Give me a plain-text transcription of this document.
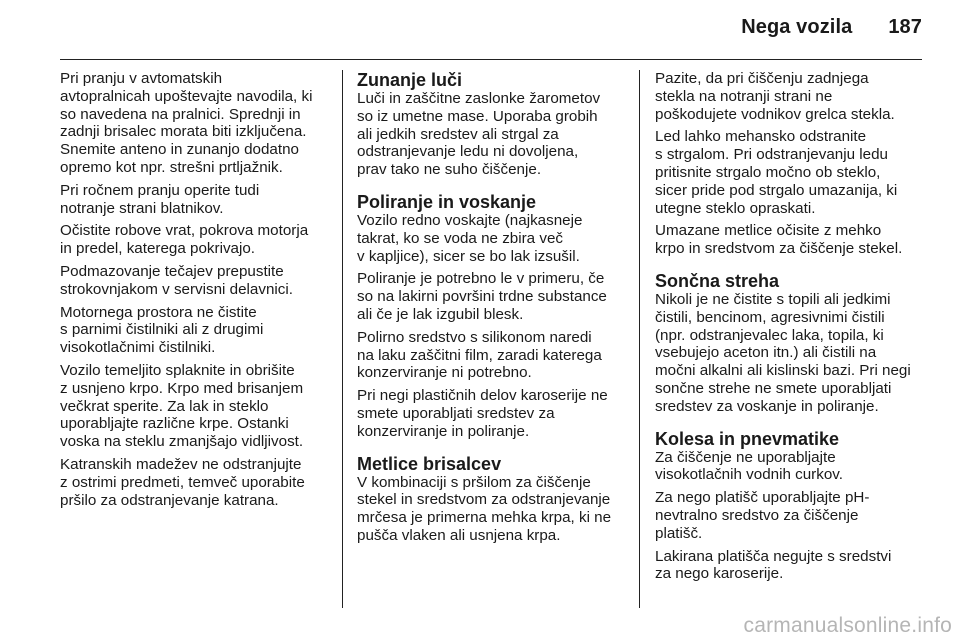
Nega vozila 187
Pri pranju v avtomatskih
avtopralnicah upoštevajte navodila, ki
so navedena na pralnici. Sprednji in
zadnji brisalec morata biti izključena.
Snemite anteno in zunanjo dodatno
opremo kot npr. strešni prtljažnik.
Pri ročnem pranju operite tudi
notranje strani blatnikov.
Očistite robove vrat, pokrova motorja
in predel, katerega pokrivajo.
Podmazovanje tečajev prepustite
strokovnjakom v servisni delavnici.
Motornega prostora ne čistite
s parnimi čistilniki ali z drugimi
visokotlačnimi čistilniki.
Vozilo temeljito splaknite in obrišite
z usnjeno krpo. Krpo med brisanjem
večkrat sperite. Za lak in steklo
uporabljajte različne krpe. Ostanki
voska na steklu zmanjšajo vidljivost.
Katranskih madežev ne odstranjujte
z ostrimi predmeti, temveč uporabite
pršilo za odstranjevanje katrana.
Zunanje luči
Luči in zaščitne zaslonke žarometov
so iz umetne mase. Uporaba grobih
ali jedkih sredstev ali strgal za
odstranjevanje ledu ni dovoljena,
prav tako ne suho čiščenje.
Poliranje in voskanje
Vozilo redno voskajte (najkasneje
takrat, ko se voda ne zbira več
v kapljice), sicer se bo lak izsušil.
Poliranje je potrebno le v primeru, če
so na lakirni površini trdne substance
ali če je lak izgubil blesk.
Polirno sredstvo s silikonom naredi
na laku zaščitni film, zaradi katerega
konzerviranje ni potrebno.
Pri negi plastičnih delov karoserije ne
smete uporabljati sredstev za
konzerviranje in poliranje.
Metlice brisalcev
V kombinaciji s pršilom za čiščenje
stekel in sredstvom za odstranjevanje
mrčesa je primerna mehka krpa, ki ne
pušča vlaken ali usnjena krpa.
Pazite, da pri čiščenju zadnjega
stekla na notranji strani ne
poškodujete vodnikov grelca stekla.
Led lahko mehansko odstranite
s strgalom. Pri odstranjevanju ledu
pritisnite strgalo močno ob steklo,
sicer pride pod strgalo umazanija, ki
utegne steklo opraskati.
Umazane metlice očisite z mehko
krpo in sredstvom za čiščenje stekel.
Sončna streha
Nikoli je ne čistite s topili ali jedkimi
čistili, bencinom, agresivnimi čistili
(npr. odstranjevalec laka, topila, ki
vsebujejo aceton itn.) ali čistili na
močni alkalni ali kislinski bazi. Pri negi
sončne strehe ne smete uporabljati
sredstev za voskanje in poliranje.
Kolesa in pnevmatike
Za čiščenje ne uporabljajte
visokotlačnih vodnih curkov.
Za nego platišč uporabljajte pH-
nevtralno sredstvo za čiščenje
platišč.
Lakirana platišča negujte s sredstvi
za nego karoserije.
carmanualsonline.info
